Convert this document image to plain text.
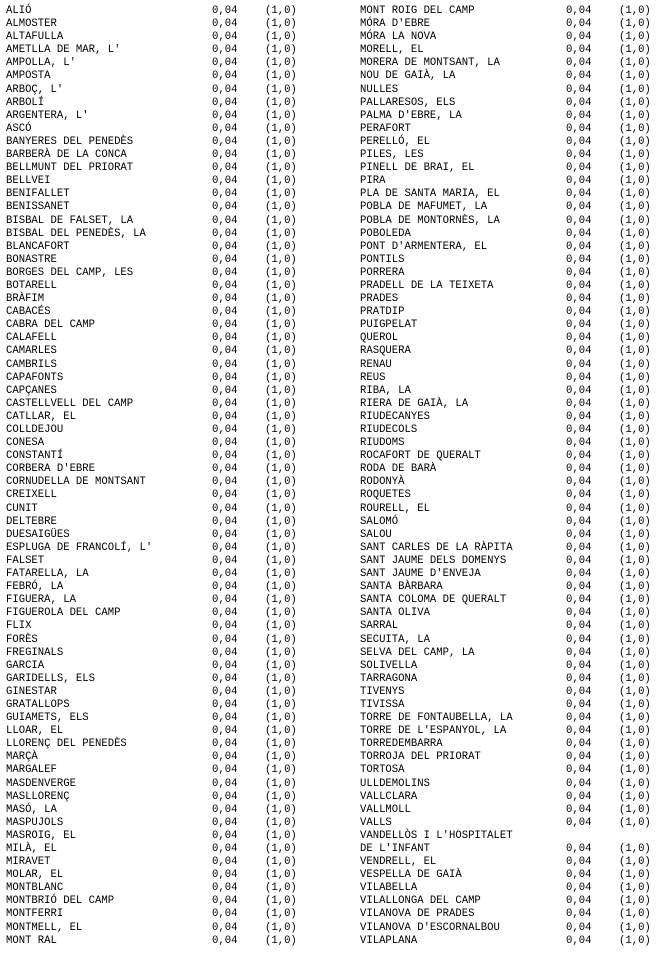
ALIÓ	0,04	(1,0)
ALMOSTER	0,04	(1,0)
ALTAFULLA	0,04	(1,0)
AMETLLA DE MAR, L'	0,04	(1,0)
AMPOLLA, L'	0,04	(1,0)
AMPOSTA	0,04	(1,0)
ARBOÇ, L'	0,04	(1,0)
ARBOLÍ	0,04	(1,0)
ARGENTERA, L'	0,04	(1,0)
ASCÓ	0,04	(1,0)
BANYERES DEL PENEDÈS	0,04	(1,0)
BARBERÀ DE LA CONCA	0,04	(1,0)
BELLMUNT DEL PRIORAT	0,04	(1,0)
BELLVEI	0,04	(1,0)
BENIFALLET	0,04	(1,0)
BENISSANET	0,04	(1,0)
BISBAL DE FALSET, LA	0,04	(1,0)
BISBAL DEL PENEDÈS, LA	0,04	(1,0)
BLANCAFORT	0,04	(1,0)
BONASTRE	0,04	(1,0)
BORGES DEL CAMP, LES	0,04	(1,0)
BOTARELL	0,04	(1,0)
BRÀFIM	0,04	(1,0)
CABACÉS	0,04	(1,0)
CABRA DEL CAMP	0,04	(1,0)
CALAFELL	0,04	(1,0)
CAMARLES	0,04	(1,0)
CAMBRILS	0,04	(1,0)
CAPAFONTS	0,04	(1,0)
CAPÇANES	0,04	(1,0)
CASTELLVELL DEL CAMP	0,04	(1,0)
CATLLAR, EL	0,04	(1,0)
COLLDEJOU	0,04	(1,0)
CONESA	0,04	(1,0)
CONSTANTÍ	0,04	(1,0)
CORBERA D'EBRE	0,04	(1,0)
CORNUDELLA DE MONTSANT	0,04	(1,0)
CREIXELL	0,04	(1,0)
CUNIT	0,04	(1,0)
DELTEBRE	0,04	(1,0)
DUESAIGÜES	0,04	(1,0)
ESPLUGA DE FRANCOLÍ, L'	0,04	(1,0)
FALSET	0,04	(1,0)
FATARELLA, LA	0,04	(1,0)
FEBRÓ, LA	0,04	(1,0)
FIGUERA, LA	0,04	(1,0)
FIGUEROLA DEL CAMP	0,04	(1,0)
FLIX	0,04	(1,0)
FORÈS	0,04	(1,0)
FREGINALS	0,04	(1,0)
GARCIA	0,04	(1,0)
GARIDELLS, ELS	0,04	(1,0)
GINESTAR	0,04	(1,0)
GRATALLOPS	0,04	(1,0)
GUIAMETS, ELS	0,04	(1,0)
LLOAR, EL	0,04	(1,0)
LLORENÇ DEL PENEDÈS	0,04	(1,0)
MARÇÀ	0,04	(1,0)
MARGALEF	0,04	(1,0)
MASDENVERGE	0,04	(1,0)
MASLLORENÇ	0,04	(1,0)
MASÓ, LA	0,04	(1,0)
MASPUJOLS	0,04	(1,0)
MASROIG, EL	0,04	(1,0)
MILÀ, EL	0,04	(1,0)
MIRAVET	0,04	(1,0)
MOLAR, EL	0,04	(1,0)
MONTBLANC	0,04	(1,0)
MONTBRIÓ DEL CAMP	0,04	(1,0)
MONTFERRI	0,04	(1,0)
MONTMELL, EL	0,04	(1,0)
MONT RAL	0,04	(1,0)
MONT ROIG DEL CAMP	0,04	(1,0)
MÓRA D'EBRE	0,04	(1,0)
MÓRA LA NOVA	0,04	(1,0)
MORELL, EL	0,04	(1,0)
MORERA DE MONTSANT, LA	0,04	(1,0)
NOU DE GAIÀ, LA	0,04	(1,0)
NULLES	0,04	(1,0)
PALLARESOS, ELS	0,04	(1,0)
PALMA D'EBRE, LA	0,04	(1,0)
PERAFORT	0,04	(1,0)
PERELLÓ, EL	0,04	(1,0)
PILES, LES	0,04	(1,0)
PINELL DE BRAI, EL	0,04	(1,0)
PIRA	0,04	(1,0)
PLA DE SANTA MARIA, EL	0,04	(1,0)
POBLA DE MAFUMET, LA	0,04	(1,0)
POBLA DE MONTORNÈS, LA	0,04	(1,0)
POBOLEDA	0,04	(1,0)
PONT D'ARMENTERA, EL	0,04	(1,0)
PONTILS	0,04	(1,0)
PORRERA	0,04	(1,0)
PRADELL DE LA TEIXETA	0,04	(1,0)
PRADES	0,04	(1,0)
PRATDIP	0,04	(1,0)
PUIGPELAT	0,04	(1,0)
QUEROL	0,04	(1,0)
RASQUERA	0,04	(1,0)
RENAU	0,04	(1,0)
REUS	0,04	(1,0)
RIBA, LA	0,04	(1,0)
RIERA DE GAIÀ, LA	0,04	(1,0)
RIUDECANYES	0,04	(1,0)
RIUDECOLS	0,04	(1,0)
RIUDOMS	0,04	(1,0)
ROCAFORT DE QUERALT	0,04	(1,0)
RODA DE BARÀ	0,04	(1,0)
RODONYÀ	0,04	(1,0)
ROQUETES	0,04	(1,0)
ROURELL, EL	0,04	(1,0)
SALOMÓ	0,04	(1,0)
SALOU	0,04	(1,0)
SANT CARLES DE LA RÀPITA	0,04	(1,0)
SANT JAUME DELS DOMENYS	0,04	(1,0)
SANT JAUME D'ENVEJA	0,04	(1,0)
SANTA BÀRBARA	0,04	(1,0)
SANTA COLOMA DE QUERALT	0,04	(1,0)
SANTA OLIVA	0,04	(1,0)
SARRAL	0,04	(1,0)
SECUITA, LA	0,04	(1,0)
SELVA DEL CAMP, LA	0,04	(1,0)
SOLIVELLA	0,04	(1,0)
TARRAGONA	0,04	(1,0)
TIVENYS	0,04	(1,0)
TIVISSA	0,04	(1,0)
TORRE DE FONTAUBELLA, LA	0,04	(1,0)
TORRE DE L'ESPANYOL, LA	0,04	(1,0)
TORREDEMBARRA	0,04	(1,0)
TORROJA DEL PRIORAT	0,04	(1,0)
TORTOSA	0,04	(1,0)
ULLDEMOLINS	0,04	(1,0)
VALLCLARA	0,04	(1,0)
VALLMOLL	0,04	(1,0)
VALLS	0,04	(1,0)
VANDELLÒS I L'HOSPITALET
DE L'INFANT	0,04	(1,0)
VENDRELL, EL	0,04	(1,0)
VESPELLA DE GAIÀ	0,04	(1,0)
VILABELLA	0,04	(1,0)
VILALLONGA DEL CAMP	0,04	(1,0)
VILANOVA DE PRADES	0,04	(1,0)
VILANOVA D'ESCORNALBOU	0,04	(1,0)
VILAPLANA	0,04	(1,0)
